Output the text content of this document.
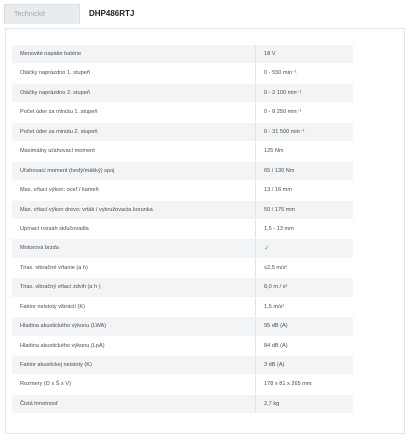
Technické	DHP486RTJ
Menovité napätie batérie	18 V
Otáčky naprázdno 1. stupeň	0 - 550 min⁻¹
Otáčky naprázdno 2. stupeň	0 - 2 100 min⁻¹
Počet úder za minútu 1. stupeň	0 - 8 250 min⁻¹
Počet úder za minútu 2. stupeň	0 - 31 500 min⁻¹
Maximálny uťahovací moment	125 Nm
Uťahovací moment (tvrdý/mäkký) spoj	65 / 130 Nm
Max. vŕtací výkon: oceľ / kameň	13 / 16 mm
Max. vŕtací výkon drevo: vrták / vykružovacia korunka	50 / 176 mm
Upínací rozsah skľučovadla	1,5 - 13 mm
Motorová brzda	✓
Triax. vibračné vŕtanie (a h)	≤2,5 m/s²
Triax. vibračný vŕtací zdvih (a h )	8,0 m / s²
Faktor neistoty vibrácií (K)	1,5 m/s²
Hladina akustického výkonu (LWA)	95 dB (A)
Hladina akustického výkonu (LpA)	84 dB (A)
Faktor akustickej neistoty (K)	3 dB (A)
Rozmery (D x Š x V)	178 x 81 x 265 mm
Čistá hmotnosť	2,7 kg
